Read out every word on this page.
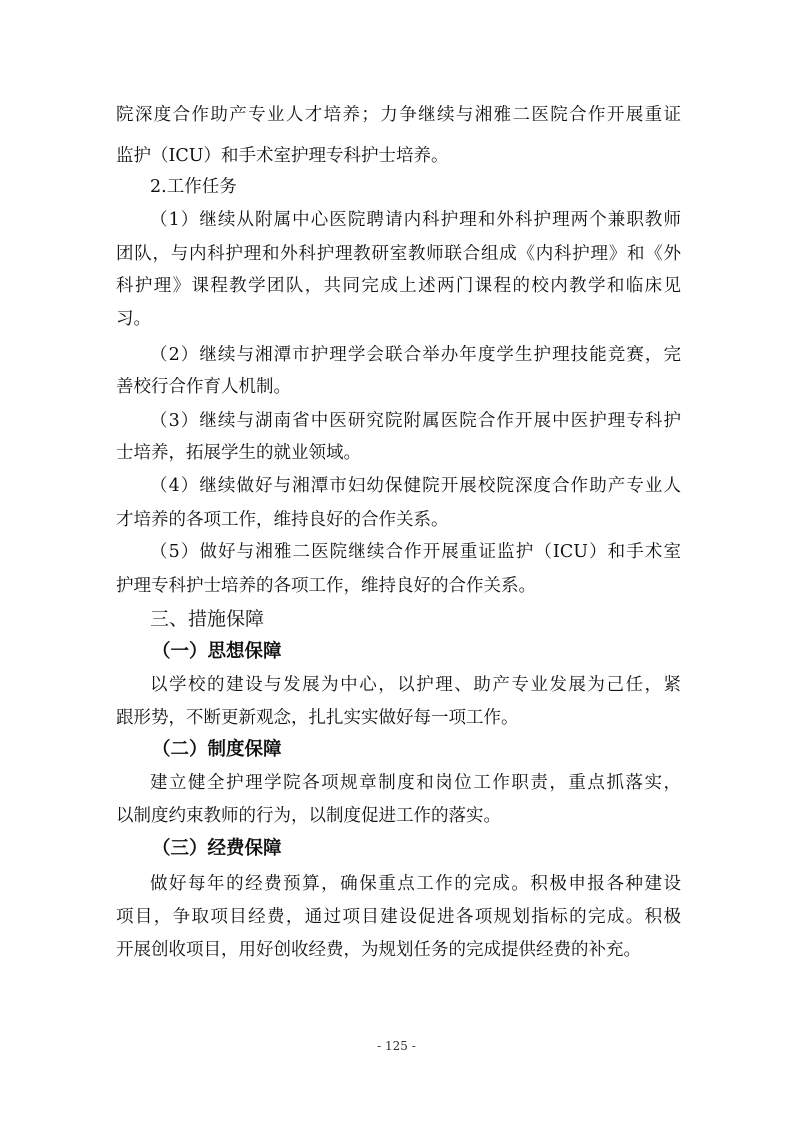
院深度合作助产专业人才培养；力争继续与湘雅二医院合作开展重证
监护（ICU）和手术室护理专科护士培养。
2.工作任务
（1）继续从附属中心医院聘请内科护理和外科护理两个兼职教师
团队，与内科护理和外科护理教研室教师联合组成《内科护理》和《外
科护理》课程教学团队，共同完成上述两门课程的校内教学和临床见
习。
（2）继续与湘潭市护理学会联合举办年度学生护理技能竞赛，完
善校行合作育人机制。
（3）继续与湖南省中医研究院附属医院合作开展中医护理专科护
士培养，拓展学生的就业领域。
（4）继续做好与湘潭市妇幼保健院开展校院深度合作助产专业人
才培养的各项工作，维持良好的合作关系。
（5）做好与湘雅二医院继续合作开展重证监护（ICU）和手术室
护理专科护士培养的各项工作，维持良好的合作关系。
三、措施保障
（一）思想保障
以学校的建设与发展为中心，以护理、助产专业发展为己任，紧
跟形势，不断更新观念，扎扎实实做好每一项工作。
（二）制度保障
建立健全护理学院各项规章制度和岗位工作职责，重点抓落实，
以制度约束教师的行为，以制度促进工作的落实。
（三）经费保障
做好每年的经费预算，确保重点工作的完成。积极申报各种建设
项目，争取项目经费，通过项目建设促进各项规划指标的完成。积极
开展创收项目，用好创收经费，为规划任务的完成提供经费的补充。
- 125 -
